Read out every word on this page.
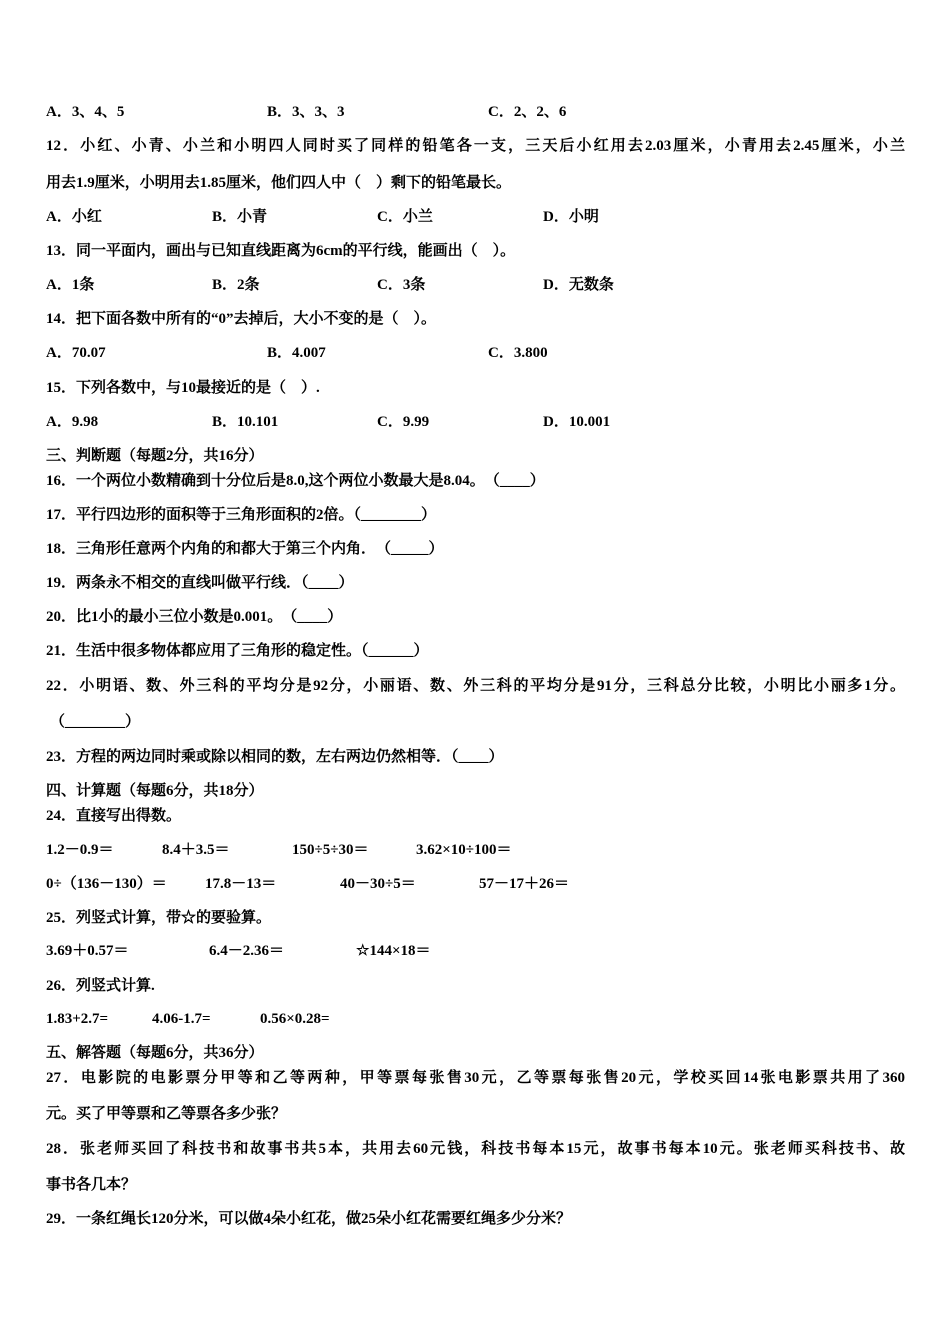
A．3、4、5	B．3、3、3	C．2、2、6
12．小红、小青、小兰和小明四人同时买了同样的铅笔各一支，三天后小红用去2.03厘米，小青用去2.45厘米，小兰
用去1.9厘米，小明用去1.85厘米，他们四人中（　）剩下的铅笔最长。
A．小红	B．小青	C．小兰	D．小明
13．同一平面内，画出与已知直线距离为6cm的平行线，能画出（　）。
A．1条	B．2条	C．3条	D．无数条
14．把下面各数中所有的“0”去掉后，大小不变的是（　）。
A．70.07	B．4.007	C．3.800
15．下列各数中，与10最接近的是（　）.
A．9.98	B．10.101	C．9.99	D．10.001
三、判断题（每题2分，共16分）
16．一个两位小数精确到十分位后是8.0,这个两位小数最大是8.04。　（____）
17．平行四边形的面积等于三角形面积的2倍。（________）
18．三角形任意两个内角的和都大于第三个内角．　（_____）
19．两条永不相交的直线叫做平行线．（____）
20．比1小的最小三位小数是0.001。　（____）
21．生活中很多物体都应用了三角形的稳定性。（______）
22．小明语、数、外三科的平均分是92分，小丽语、数、外三科的平均分是91分，三科总分比较，小明比小丽多1分。
（________）
23．方程的两边同时乘或除以相同的数，左右两边仍然相等．（____）
四、计算题（每题6分，共18分）
24．直接写出得数。
1.2－0.9＝	8.4＋3.5＝	150÷5÷30＝	3.62×10÷100＝
0÷（136－130）＝	17.8－13＝	40－30÷5＝	57－17＋26＝
25．列竖式计算，带☆的要验算。
3.69＋0.57＝	6.4－2.36＝	☆144×18＝
26．列竖式计算.
1.83+2.7=	4.06-1.7=	0.56×0.28=
五、解答题（每题6分，共36分）
27．电影院的电影票分甲等和乙等两种，甲等票每张售30元，乙等票每张售20元，学校买回14张电影票共用了360
元。买了甲等票和乙等票各多少张？
28．张老师买回了科技书和故事书共5本，共用去60元钱，科技书每本15元，故事书每本10元。张老师买科技书、故
事书各几本？
29．一条红绳长120分米，可以做4朵小红花，做25朵小红花需要红绳多少分米？
